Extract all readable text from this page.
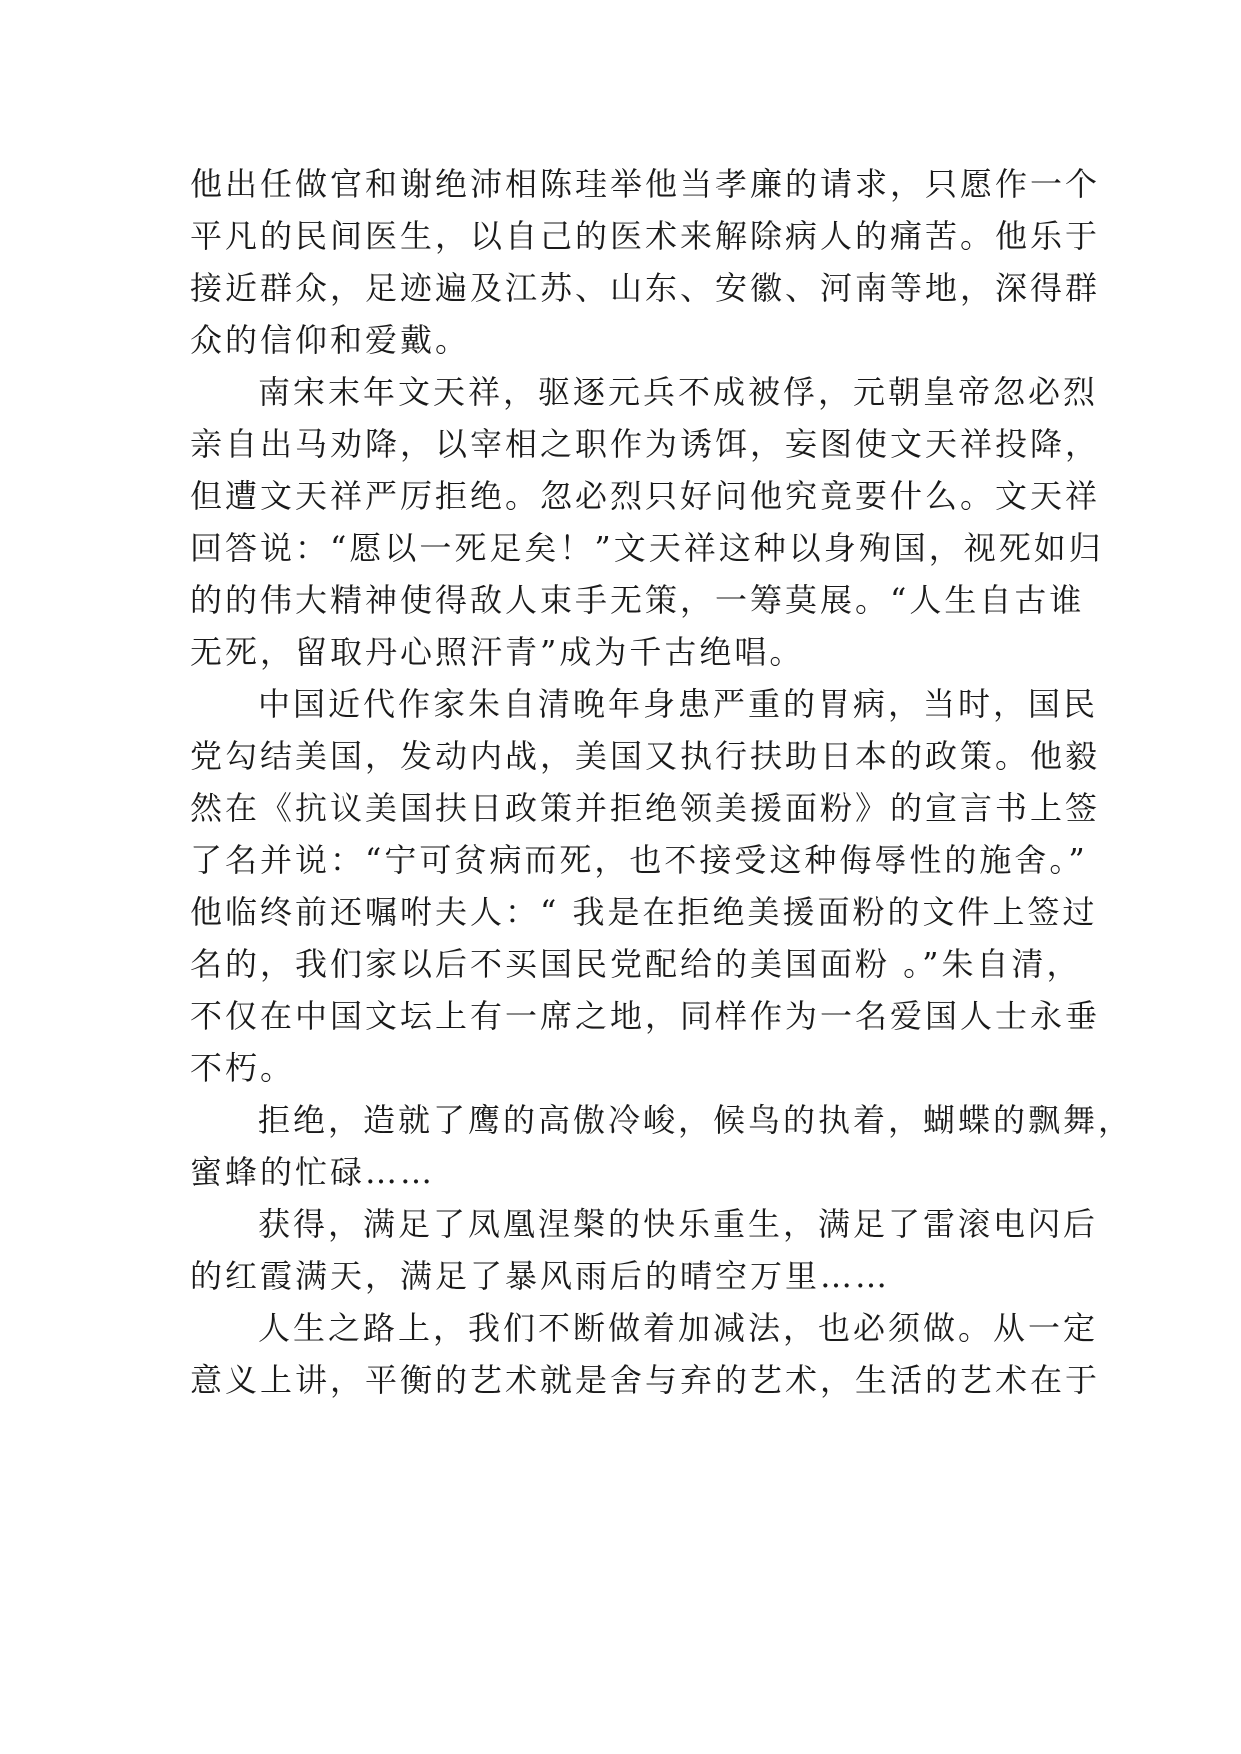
他出任做官和谢绝沛相陈珪举他当孝廉的请求，只愿作一个
平凡的民间医生，以自己的医术来解除病人的痛苦。他乐于
接近群众，足迹遍及江苏、山东、安徽、河南等地，深得群
众的信仰和爱戴。
南宋末年文天祥，驱逐元兵不成被俘，元朝皇帝忽必烈
亲自出马劝降，以宰相之职作为诱饵，妄图使文天祥投降，
但遭文天祥严厉拒绝。忽必烈只好问他究竟要什么。文天祥
回答说：“愿以一死足矣！”文天祥这种以身殉国，视死如归
的的伟大精神使得敌人束手无策，一筹莫展。“人生自古谁
无死，留取丹心照汗青”成为千古绝唱。
中国近代作家朱自清晚年身患严重的胃病，当时，国民
党勾结美国，发动内战，美国又执行扶助日本的政策。他毅
然在《抗议美国扶日政策并拒绝领美援面粉》的宣言书上签
了名并说：“宁可贫病而死，也不接受这种侮辱性的施舍。”
他临终前还嘱咐夫人：“ 我是在拒绝美援面粉的文件上签过
名的，我们家以后不买国民党配给的美国面粉 。”朱自清，
不仅在中国文坛上有一席之地，同样作为一名爱国人士永垂
不朽。
拒绝，造就了鹰的高傲冷峻，候鸟的执着，蝴蝶的飘舞，
蜜蜂的忙碌……
获得，满足了凤凰涅槃的快乐重生，满足了雷滚电闪后
的红霞满天，满足了暴风雨后的晴空万里……
人生之路上，我们不断做着加减法，也必须做。从一定
意义上讲，平衡的艺术就是舍与弃的艺术，生活的艺术在于
